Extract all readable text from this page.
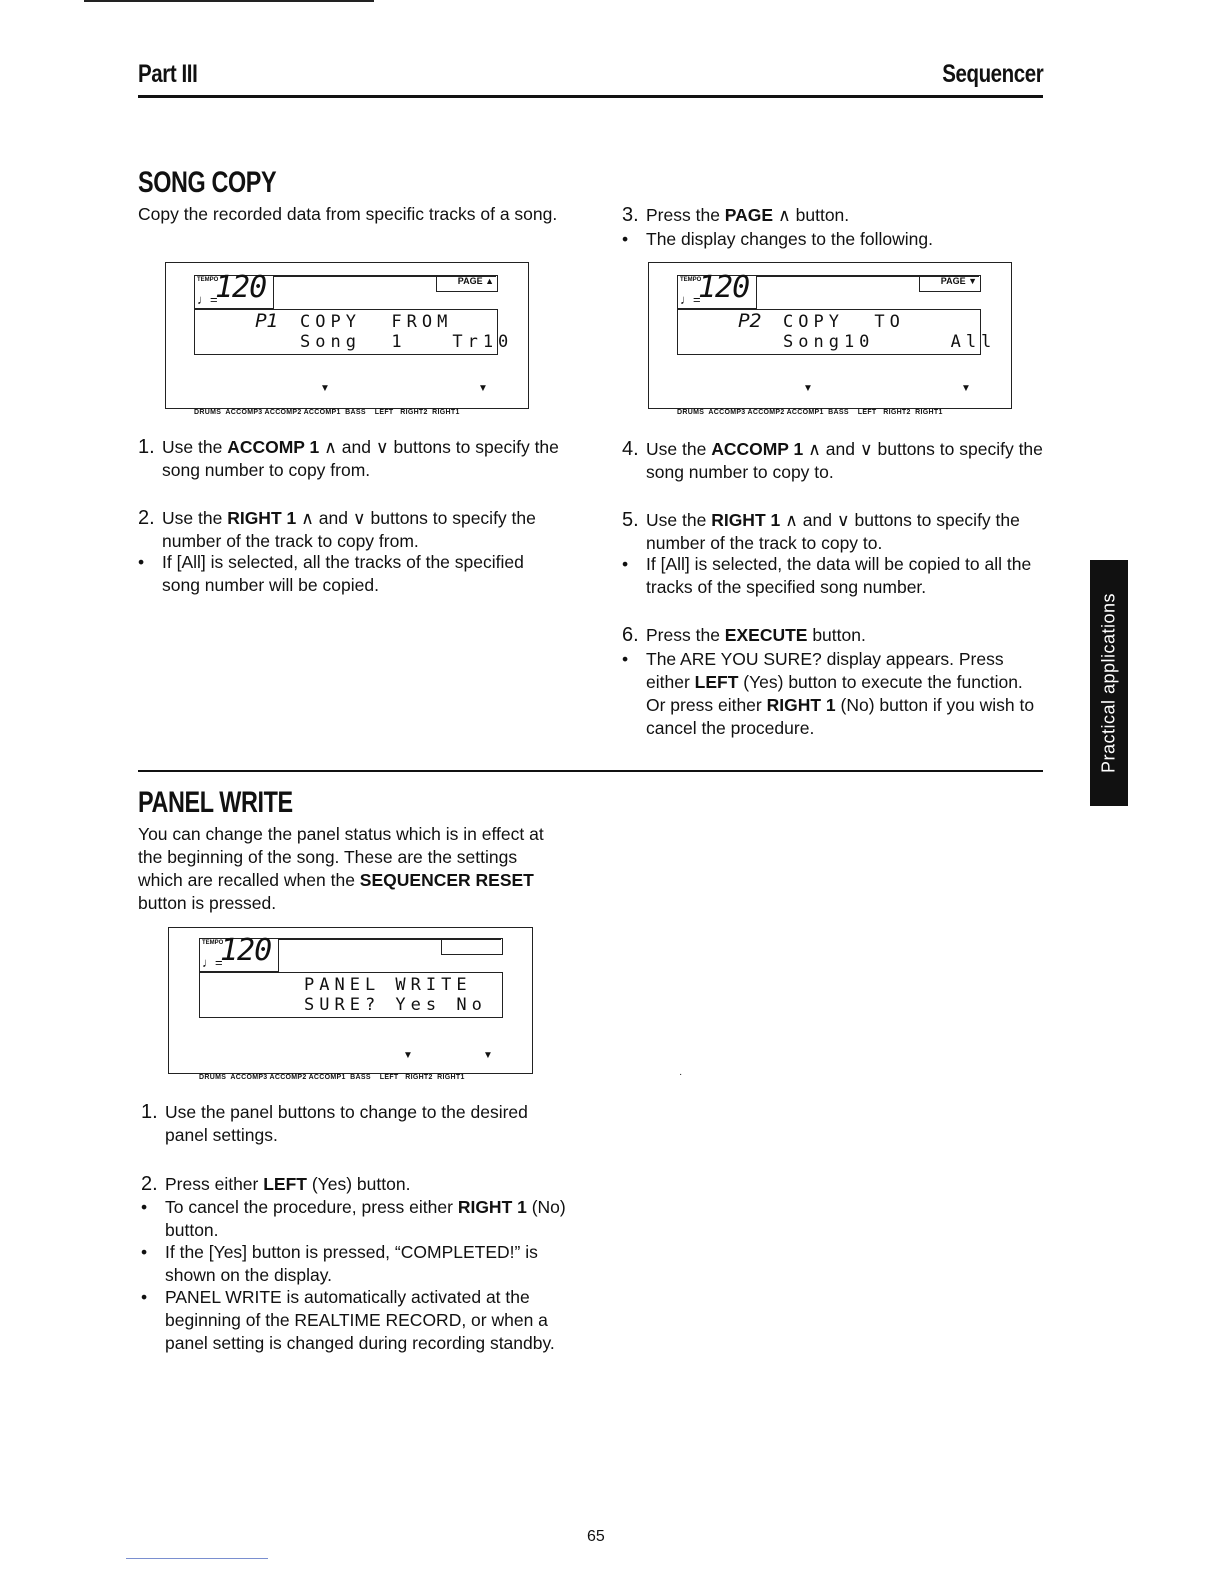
Part III	Sequencer
SONG COPY
Copy the recorded data from specific tracks of a song.
TEMPO
♩=
120	PAGE ▲
P1 COPY  FROM
Song  1   Tr10
▼	▼
DRUMS  ACCOMP3 ACCOMP2 ACCOMP1  BASS    LEFT   RIGHT2  RIGHT1
1. Use the ACCOMP 1 ∧ and ∨ buttons to specify the song number to copy from.
2. Use the RIGHT 1 ∧ and ∨ buttons to specify the number of the track to copy from.
• If [All] is selected, all the tracks of the specified song number will be copied.
3. Press the PAGE ∧ button.
• The display changes to the following.
TEMPO
♩=
120	PAGE ▼
P2 COPY  TO
Song10     All
▼	▼
DRUMS  ACCOMP3 ACCOMP2 ACCOMP1  BASS    LEFT   RIGHT2  RIGHT1
4. Use the ACCOMP 1 ∧ and ∨ buttons to specify the song number to copy to.
5. Use the RIGHT 1 ∧ and ∨ buttons to specify the number of the track to copy to.
• If [All] is selected, the data will be copied to all the tracks of the specified song number.
6. Press the EXECUTE button.
• The ARE YOU SURE? display appears. Press either LEFT (Yes) button to execute the function. Or press either RIGHT 1 (No) button if you wish to cancel the procedure.
PANEL WRITE
You can change the panel status which is in effect at the beginning of the song. These are the settings which are recalled when the SEQUENCER RESET button is pressed.
TEMPO
♩=
120
PANEL WRITE
SURE? Yes No
▼	▼
DRUMS  ACCOMP3 ACCOMP2 ACCOMP1  BASS    LEFT   RIGHT2  RIGHT1	·
1. Use the panel buttons to change to the desired panel settings.
2. Press either LEFT (Yes) button.
• To cancel the procedure, press either RIGHT 1 (No) button.
• If the [Yes] button is pressed, “COMPLETED!” is shown on the display.
• PANEL WRITE is automatically activated at the beginning of the REALTIME RECORD, or when a panel setting is changed during recording standby.
Practical applications
65
